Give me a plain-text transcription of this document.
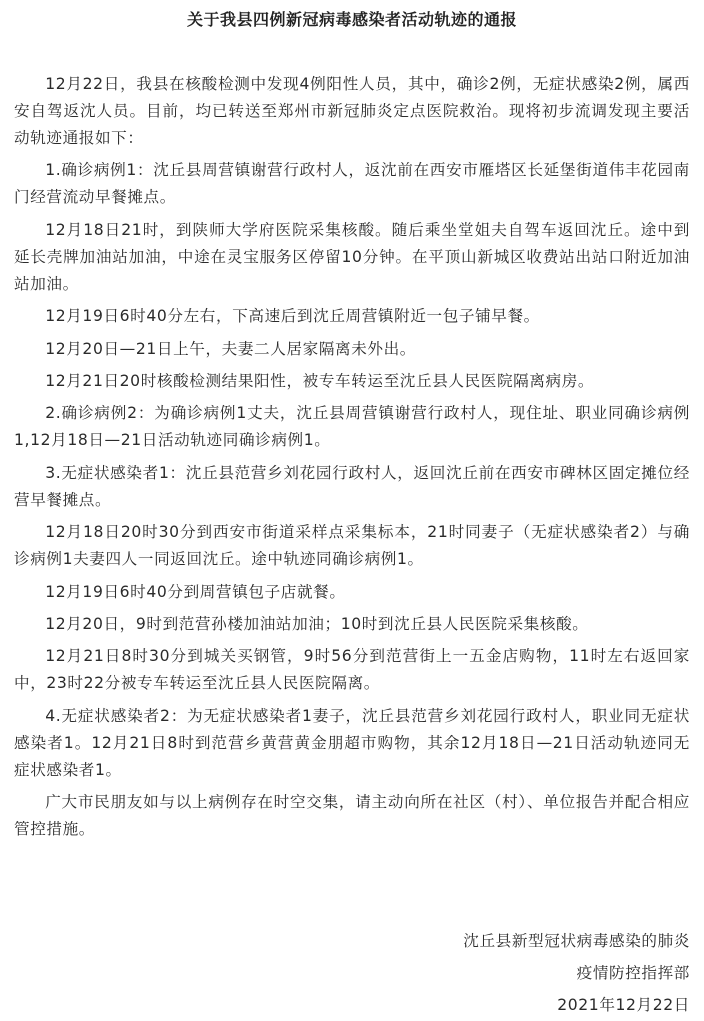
关于我县四例新冠病毒感染者活动轨迹的通报

12月22日，我县在核酸检测中发现4例阳性人员，其中，确诊2例，无症状感染2例，属西安自驾返沈人员。目前，均已转送至郑州市新冠肺炎定点医院救治。现将初步流调发现主要活动轨迹通报如下：

1.确诊病例1：沈丘县周营镇谢营行政村人，返沈前在西安市雁塔区长延堡街道伟丰花园南门经营流动早餐摊点。

12月18日21时，到陕师大学府医院采集核酸。随后乘坐堂姐夫自驾车返回沈丘。途中到延长壳牌加油站加油，中途在灵宝服务区停留10分钟。在平顶山新城区收费站出站口附近加油站加油。

12月19日6时40分左右，下高速后到沈丘周营镇附近一包子铺早餐。

12月20日—21日上午，夫妻二人居家隔离未外出。

12月21日20时核酸检测结果阳性，被专车转运至沈丘县人民医院隔离病房。

2.确诊病例2：为确诊病例1丈夫，沈丘县周营镇谢营行政村人，现住址、职业同确诊病例1,12月18日—21日活动轨迹同确诊病例1。

3.无症状感染者1：沈丘县范营乡刘花园行政村人，返回沈丘前在西安市碑林区固定摊位经营早餐摊点。

12月18日20时30分到西安市街道采样点采集标本，21时同妻子（无症状感染者2）与确诊病例1夫妻四人一同返回沈丘。途中轨迹同确诊病例1。

12月19日6时40分到周营镇包子店就餐。

12月20日，9时到范营孙楼加油站加油；10时到沈丘县人民医院采集核酸。

12月21日8时30分到城关买钢管，9时56分到范营街上一五金店购物，11时左右返回家中，23时22分被专车转运至沈丘县人民医院隔离。

4.无症状感染者2：为无症状感染者1妻子，沈丘县范营乡刘花园行政村人，职业同无症状感染者1。12月21日8时到范营乡黄营黄金朋超市购物，其余12月18日—21日活动轨迹同无症状感染者1。

广大市民朋友如与以上病例存在时空交集，请主动向所在社区（村）、单位报告并配合相应管控措施。

沈丘县新型冠状病毒感染的肺炎
疫情防控指挥部
2021年12月22日
